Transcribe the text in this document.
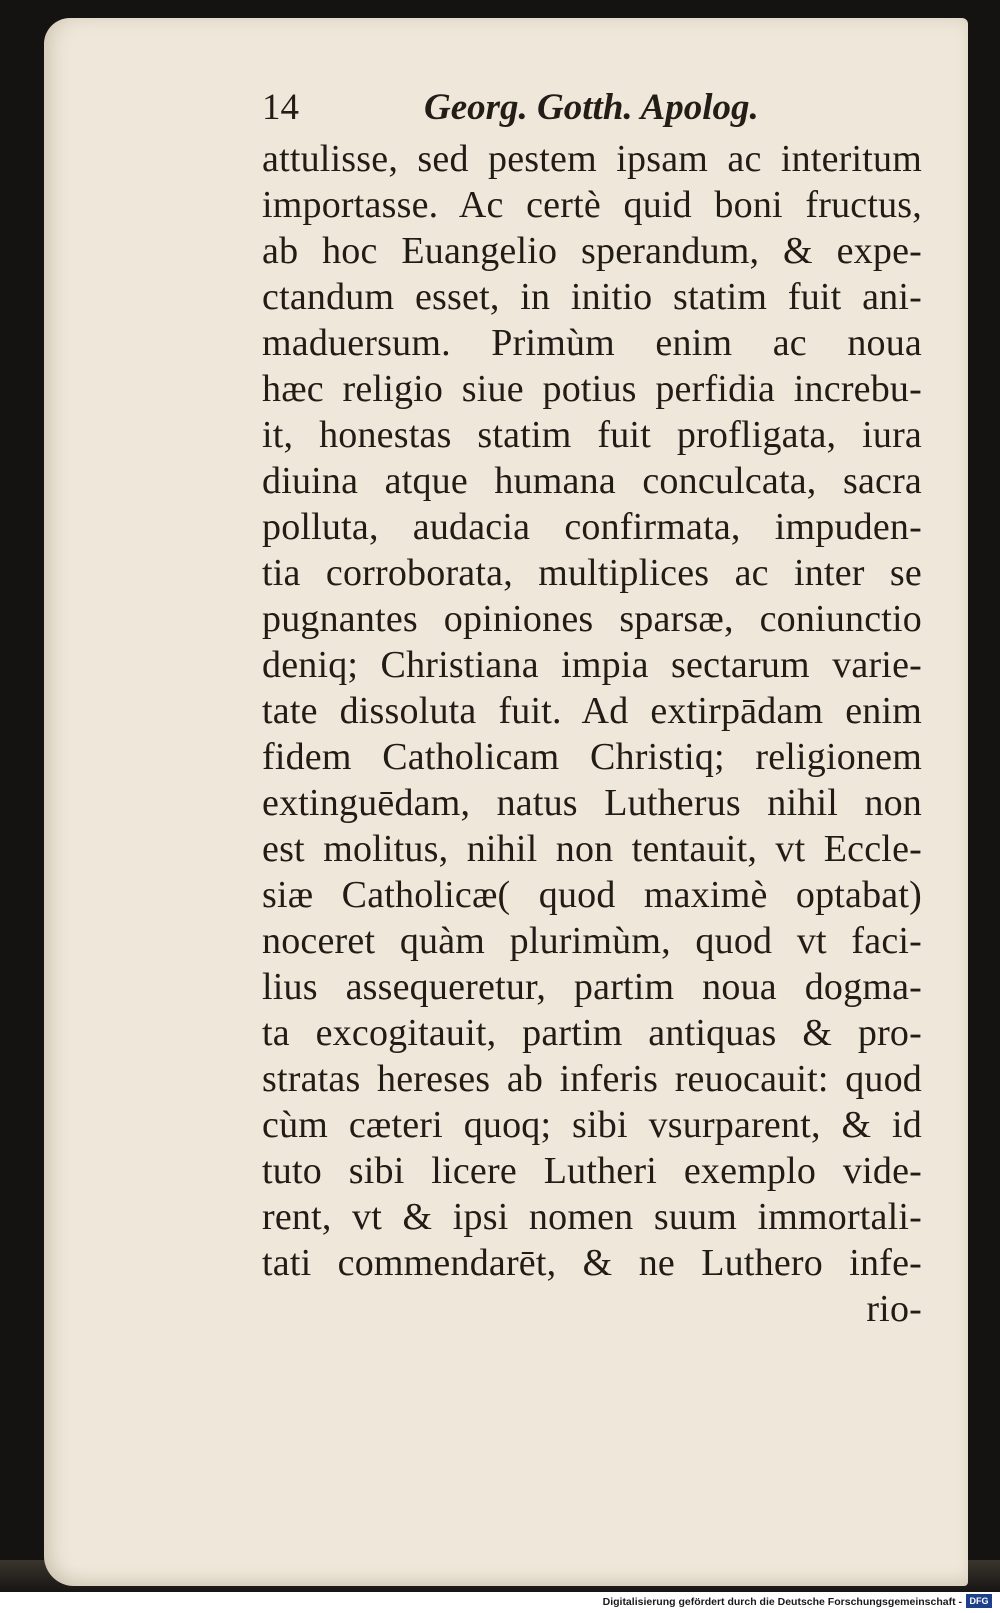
14	Georg. Gotth. Apolog.
attulisse, sed pestem ipsam ac interitum
importasse. Ac certè quid boni fructus,
ab hoc Euangelio sperandum, & expe-
ctandum esset, in initio statim fuit ani-
maduersum. Primùm enim ac noua
hæc religio siue potius perfidia increbu-
it, honestas statim fuit profligata, iura
diuina atque humana conculcata, sacra
polluta, audacia confirmata, impuden-
tia corroborata, multiplices ac inter se
pugnantes opiniones sparsæ, coniunctio
deniq; Christiana impia sectarum varie-
tate dissoluta fuit. Ad extirpādam enim
fidem Catholicam Christiq; religionem
extinguēdam, natus Lutherus nihil non
est molitus, nihil non tentauit, vt Eccle-
siæ Catholicæ( quod maximè optabat)
noceret quàm plurimùm, quod vt faci-
lius assequeretur, partim noua dogma-
ta excogitauit, partim antiquas & pro-
stratas hereses ab inferis reuocauit: quod
cùm cæteri quoq; sibi vsurparent, & id
tuto sibi licere Lutheri exemplo vide-
rent, vt & ipsi nomen suum immortali-
tati commendarēt, & ne Luthero infe-
rio-
Digitalisierung gefördert durch die Deutsche Forschungsgemeinschaft - DFG
